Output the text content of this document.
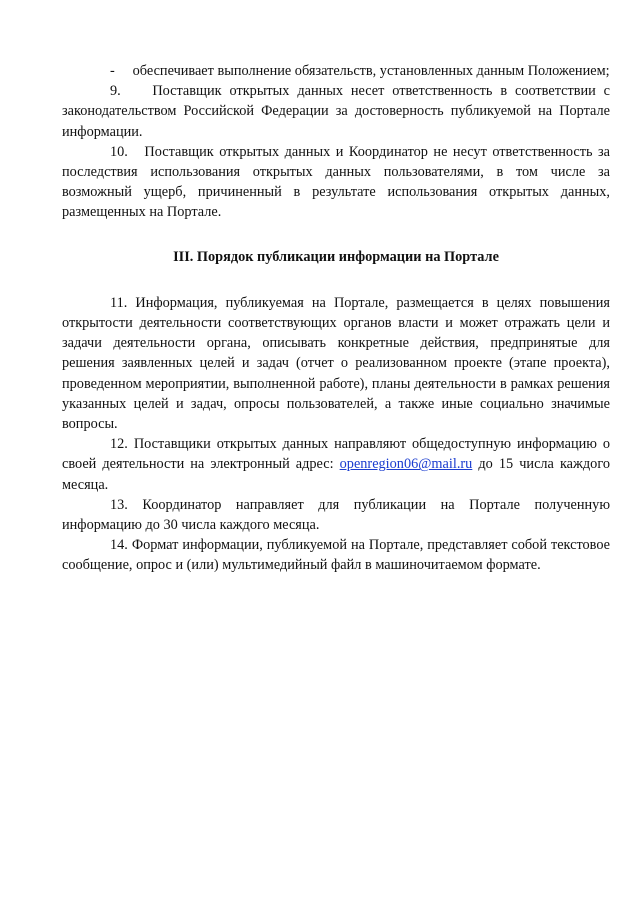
- обеспечивает выполнение обязательств, установленных данным Положением;

9. Поставщик открытых данных несет ответственность в соответствии с законодательством Российской Федерации за достоверность публикуемой на Портале информации.

10. Поставщик открытых данных и Координатор не несут ответственность за последствия использования открытых данных пользователями, в том числе за возможный ущерб, причиненный в результате использования открытых данных, размещенных на Портале.

III. Порядок публикации информации на Портале

11. Информация, публикуемая на Портале, размещается в целях повышения открытости деятельности соответствующих органов власти и может отражать цели и задачи деятельности органа, описывать конкретные действия, предпринятые для решения заявленных целей и задач (отчет о реализованном проекте (этапе проекта), проведенном мероприятии, выполненной работе), планы деятельности в рамках решения указанных целей и задач, опросы пользователей, а также иные социально значимые вопросы.

12. Поставщики открытых данных направляют общедоступную информацию о своей деятельности на электронный адрес: openregion06@mail.ru до 15 числа каждого месяца.

13. Координатор направляет для публикации на Портале полученную информацию до 30 числа каждого месяца.

14. Формат информации, публикуемой на Портале, представляет собой текстовое сообщение, опрос и (или) мультимедийный файл в машиночитаемом формате.
